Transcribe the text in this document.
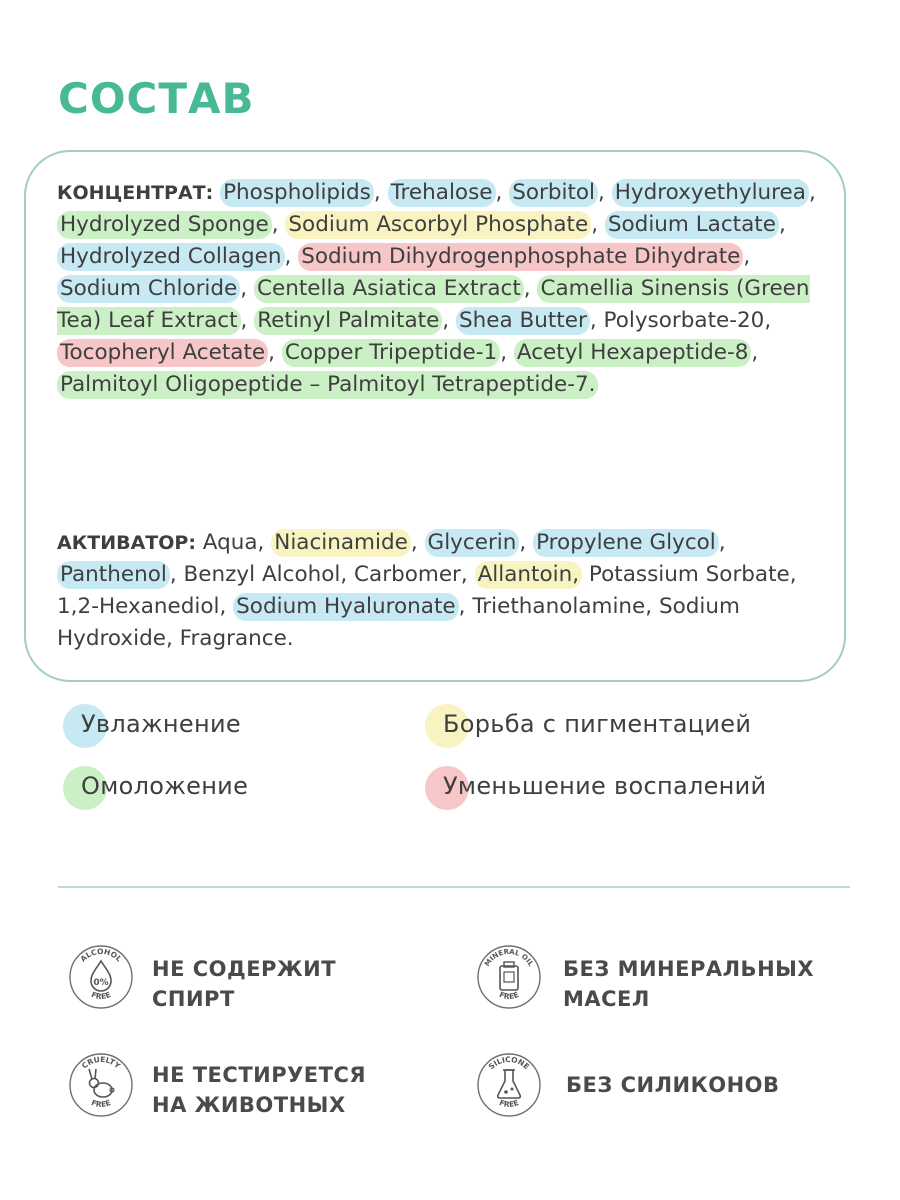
СОСТАВ

КОНЦЕНТРАТ: Phospholipids , Trehalose , Sorbitol , Hydroxyethylurea , Hydrolyzed Sponge , Sodium Ascorbyl Phosphate , Sodium Lactate , Hydrolyzed Collagen , Sodium Dihydrogenphosphate Dihydrate , Sodium Chloride , Centella Asiatica Extract , Camellia Sinensis (Green Tea) Leaf Extract , Retinyl Palmitate , Shea Butter , Polysorbate-20, Tocopheryl Acetate , Copper Tripeptide-1 , Acetyl Hexapeptide-8 , Palmitoyl Oligopeptide – Palmitoyl Tetrapeptide-7.

АКТИВАТОР: Aqua, Niacinamide , Glycerin , Propylene Glycol , Panthenol , Benzyl Alcohol, Carbomer, Allantoin, Potassium Sorbate, 1,2-Hexanediol, Sodium Hyaluronate , Triethanolamine, Sodium Hydroxide, Fragrance.

Увлажнение	Борьба с пигментацией
Омоложение	Уменьшение воспалений
ALCOHOL
FREE
0%

НЕ СОДЕРЖИТ СПИРТ

MINERAL OIL
FREE

БЕЗ МИНЕРАЛЬНЫХ МАСЕЛ

CRUELTY
FREE

НЕ ТЕСТИРУЕТСЯ НА ЖИВОТНЫХ

SILICONE
FREE

БЕЗ СИЛИКОНОВ
